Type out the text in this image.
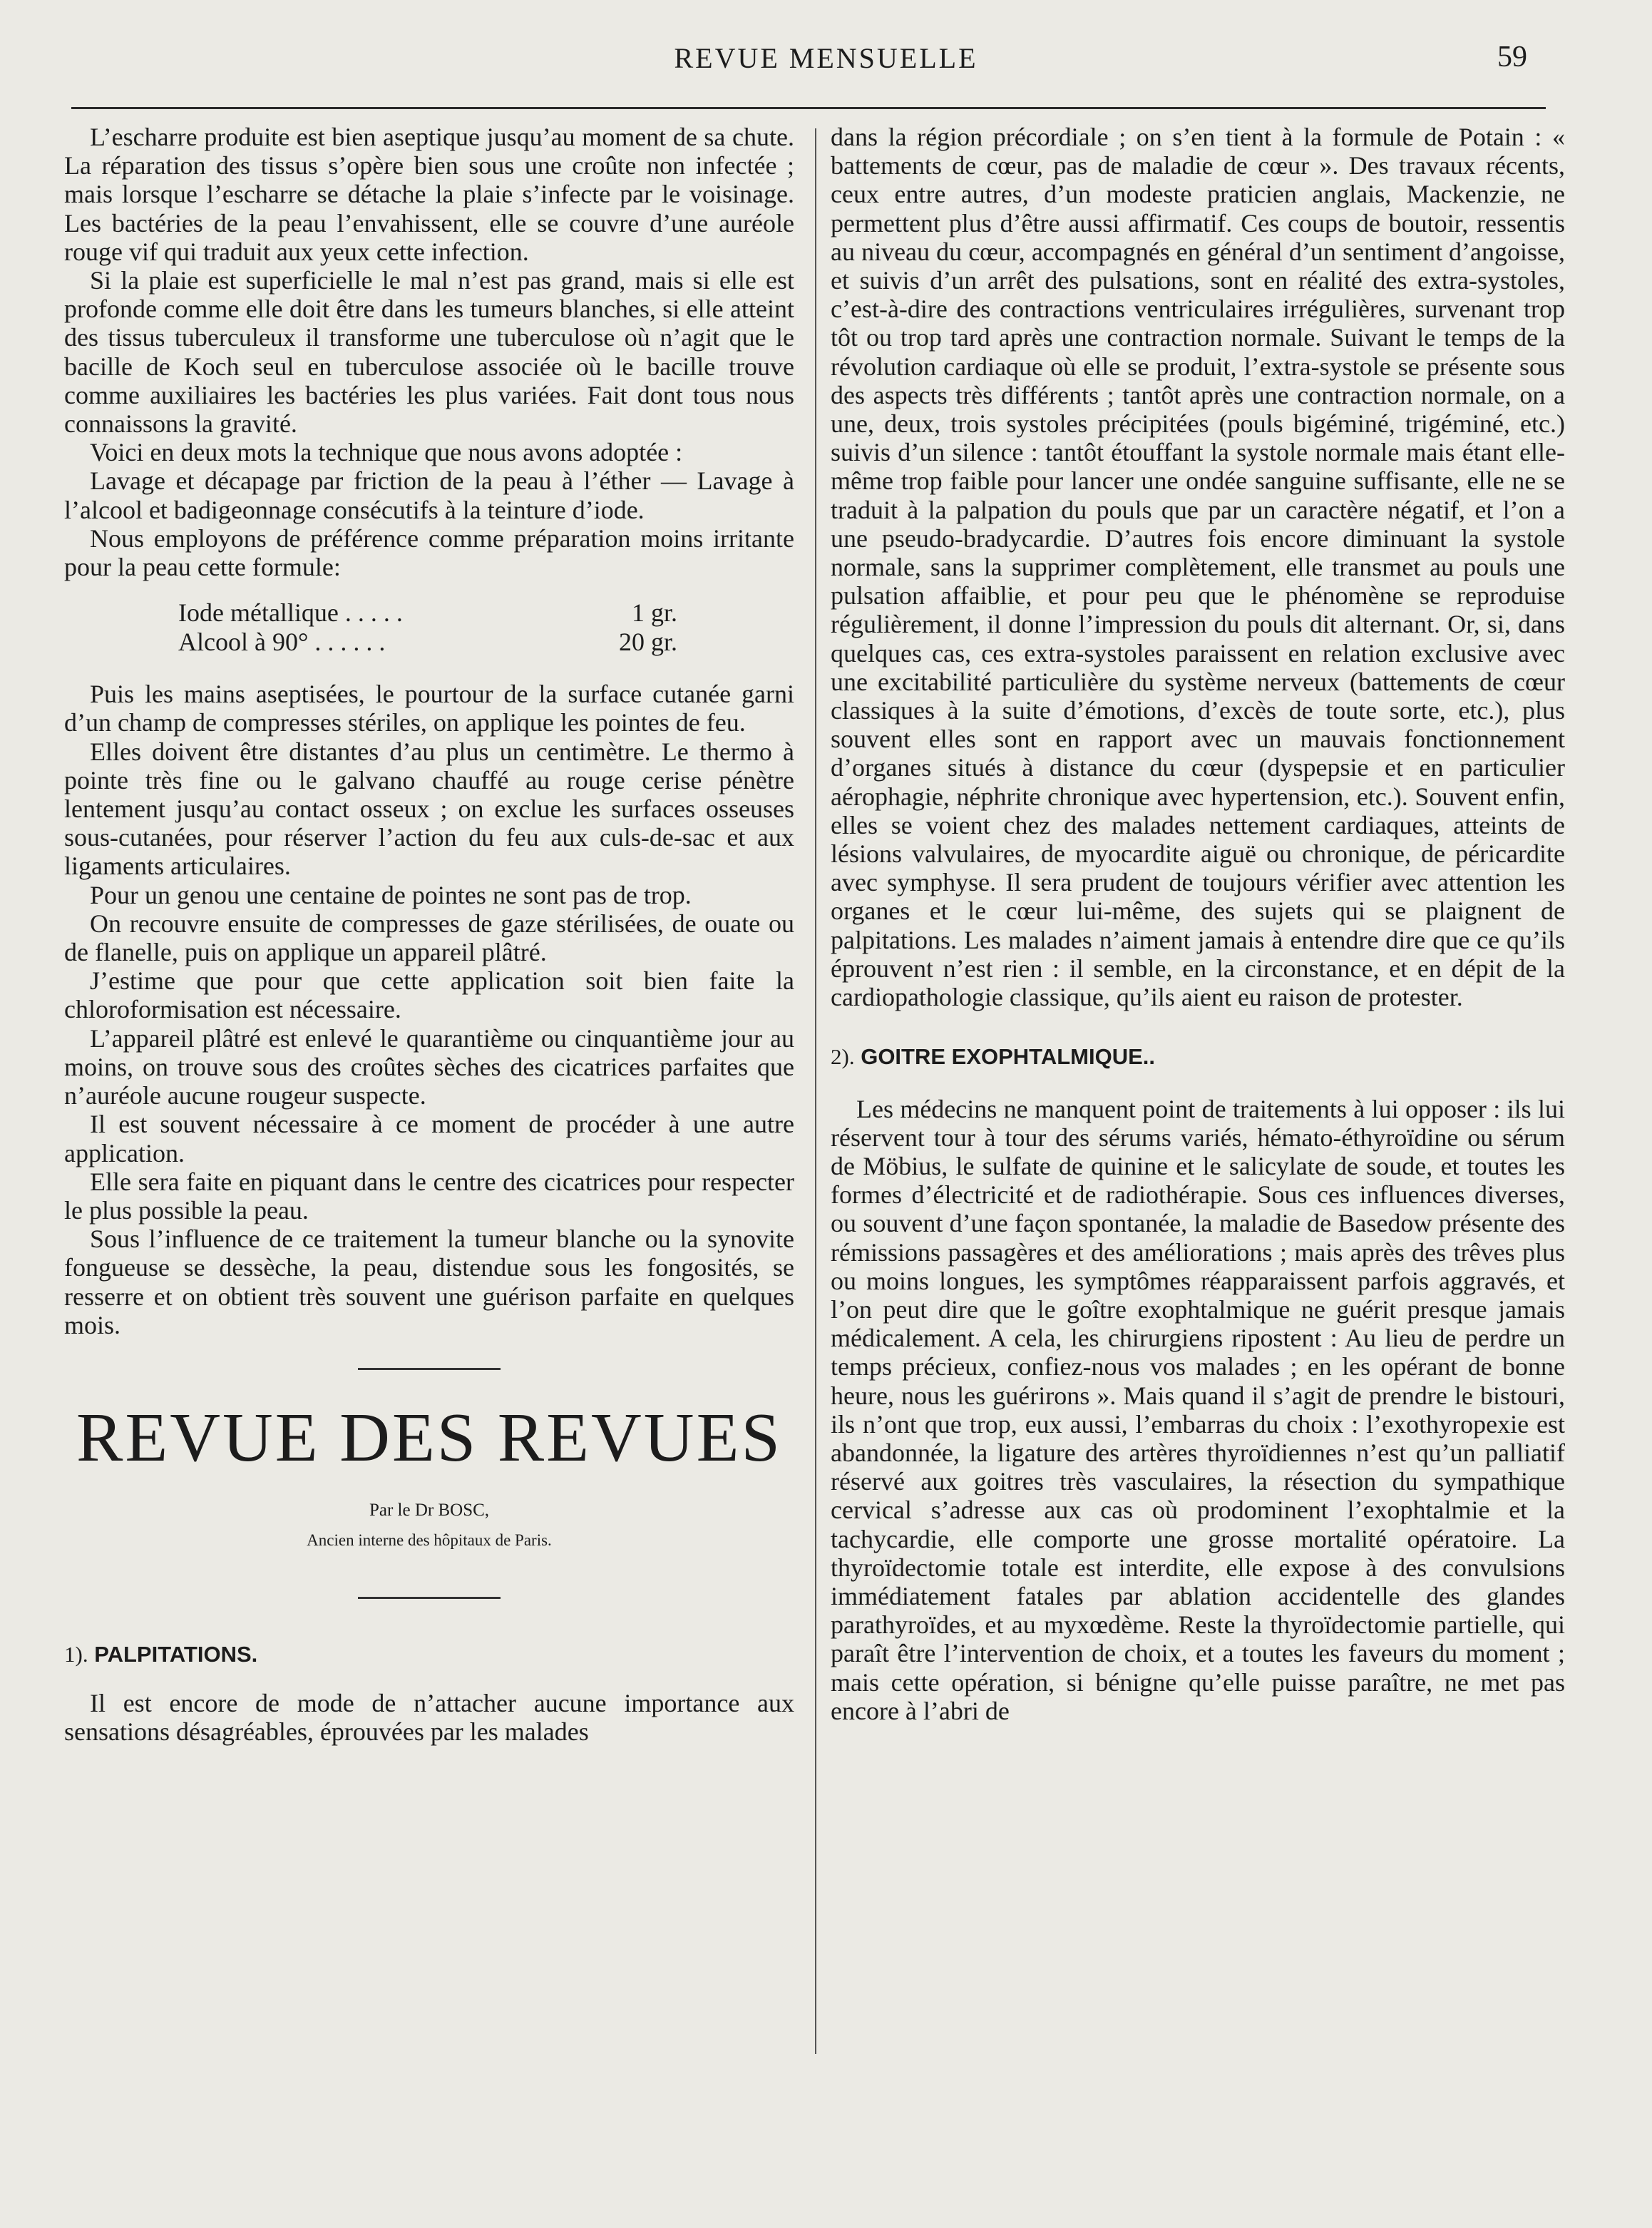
REVUE MENSUELLE	59

L’escharre produite est bien aseptique jusqu’au moment de sa chute. La réparation des tissus s’opère bien sous une croûte non infectée ; mais lorsque l’escharre se détache la plaie s’infecte par le voisinage. Les bactéries de la peau l’envahissent, elle se couvre d’une auréole rouge vif qui traduit aux yeux cette infection.

Si la plaie est superficielle le mal n’est pas grand, mais si elle est profonde comme elle doit être dans les tumeurs blanches, si elle atteint des tissus tuberculeux il transforme une tuberculose où n’agit que le bacille de Koch seul en tuberculose associée où le bacille trouve comme auxiliaires les bactéries les plus variées. Fait dont tous nous connaissons la gravité.

Voici en deux mots la technique que nous avons adoptée :

Lavage et décapage par friction de la peau à l’éther — Lavage à l’alcool et badigeonnage consécutifs à la teinture d’iode.

Nous employons de préférence comme préparation moins irritante pour la peau cette formule:

Iode métallique . . . . .	1 gr.
Alcool à 90° . . . . . .	20 gr.

Puis les mains aseptisées, le pourtour de la surface cutanée garni d’un champ de compresses stériles, on applique les pointes de feu.

Elles doivent être distantes d’au plus un centimètre. Le thermo à pointe très fine ou le galvano chauffé au rouge cerise pénètre lentement jusqu’au contact osseux ; on exclue les surfaces osseuses sous-cutanées, pour réserver l’action du feu aux culs-de-sac et aux ligaments articulaires.

Pour un genou une centaine de pointes ne sont pas de trop.

On recouvre ensuite de compresses de gaze stérilisées, de ouate ou de flanelle, puis on applique un appareil plâtré.

J’estime que pour que cette application soit bien faite la chloroformisation est nécessaire.

L’appareil plâtré est enlevé le quarantième ou cinquantième jour au moins, on trouve sous des croûtes sèches des cicatrices parfaites que n’auréole aucune rougeur suspecte.

Il est souvent nécessaire à ce moment de procéder à une autre application.

Elle sera faite en piquant dans le centre des cicatrices pour respecter le plus possible la peau.

Sous l’influence de ce traitement la tumeur blanche ou la synovite fongueuse se dessèche, la peau, distendue sous les fongosités, se resserre et on obtient très souvent une guérison parfaite en quelques mois.

REVUE DES REVUES
Par le Dr BOSC,
Ancien interne des hôpitaux de Paris.
1). PALPITATIONS.

Il est encore de mode de n’attacher aucune importance aux sensations désagréables, éprouvées par les malades

dans la région précordiale ; on s’en tient à la formule de Potain : « battements de cœur, pas de maladie de cœur ». Des travaux récents, ceux entre autres, d’un modeste praticien anglais, Mackenzie, ne permettent plus d’être aussi affirmatif. Ces coups de boutoir, ressentis au niveau du cœur, accompagnés en général d’un sentiment d’angoisse, et suivis d’un arrêt des pulsations, sont en réalité des extra-systoles, c’est-à-dire des contractions ventriculaires irrégulières, survenant trop tôt ou trop tard après une contraction normale. Suivant le temps de la révolution cardiaque où elle se produit, l’extra-systole se présente sous des aspects très différents ; tantôt après une contraction normale, on a une, deux, trois systoles précipitées (pouls bigéminé, trigéminé, etc.) suivis d’un silence : tantôt étouffant la systole normale mais étant elle-même trop faible pour lancer une ondée sanguine suffisante, elle ne se traduit à la palpation du pouls que par un caractère négatif, et l’on a une pseudo-bradycardie. D’autres fois encore diminuant la systole normale, sans la supprimer complètement, elle transmet au pouls une pulsation affaiblie, et pour peu que le phénomène se reproduise régulièrement, il donne l’impression du pouls dit alternant. Or, si, dans quelques cas, ces extra-systoles paraissent en relation exclusive avec une excitabilité particulière du système nerveux (battements de cœur classiques à la suite d’émotions, d’excès de toute sorte, etc.), plus souvent elles sont en rapport avec un mauvais fonctionnement d’organes situés à distance du cœur (dyspepsie et en particulier aérophagie, néphrite chronique avec hypertension, etc.). Souvent enfin, elles se voient chez des malades nettement cardiaques, atteints de lésions valvulaires, de myocardite aiguë ou chronique, de péricardite avec symphyse. Il sera prudent de toujours vérifier avec attention les organes et le cœur lui-même, des sujets qui se plaignent de palpitations. Les malades n’aiment jamais à entendre dire que ce qu’ils éprouvent n’est rien : il semble, en la circonstance, et en dépit de la cardiopathologie classique, qu’ils aient eu raison de protester.

2). GOITRE EXOPHTALMIQUE..

Les médecins ne manquent point de traitements à lui opposer : ils lui réservent tour à tour des sérums variés, hémato-éthyroïdine ou sérum de Möbius, le sulfate de quinine et le salicylate de soude, et toutes les formes d’électricité et de radiothérapie. Sous ces influences diverses, ou souvent d’une façon spontanée, la maladie de Basedow présente des rémissions passagères et des améliorations ; mais après des trêves plus ou moins longues, les symptômes réapparaissent parfois aggravés, et l’on peut dire que le goître exophtalmique ne guérit presque jamais médicalement. A cela, les chirurgiens ripostent : Au lieu de perdre un temps précieux, confiez-nous vos malades ; en les opérant de bonne heure, nous les guérirons ». Mais quand il s’agit de prendre le bistouri, ils n’ont que trop, eux aussi, l’embarras du choix : l’exothyropexie est abandonnée, la ligature des artères thyroïdiennes n’est qu’un palliatif réservé aux goitres très vasculaires, la résection du sympathique cervical s’adresse aux cas où prodominent l’exophtalmie et la tachycardie, elle comporte une grosse mortalité opératoire. La thyroïdectomie totale est interdite, elle expose à des convulsions immédiatement fatales par ablation accidentelle des glandes parathyroïdes, et au myxœdème. Reste la thyroïdectomie partielle, qui paraît être l’intervention de choix, et a toutes les faveurs du moment ; mais cette opération, si bénigne qu’elle puisse paraître, ne met pas encore à l’abri de
